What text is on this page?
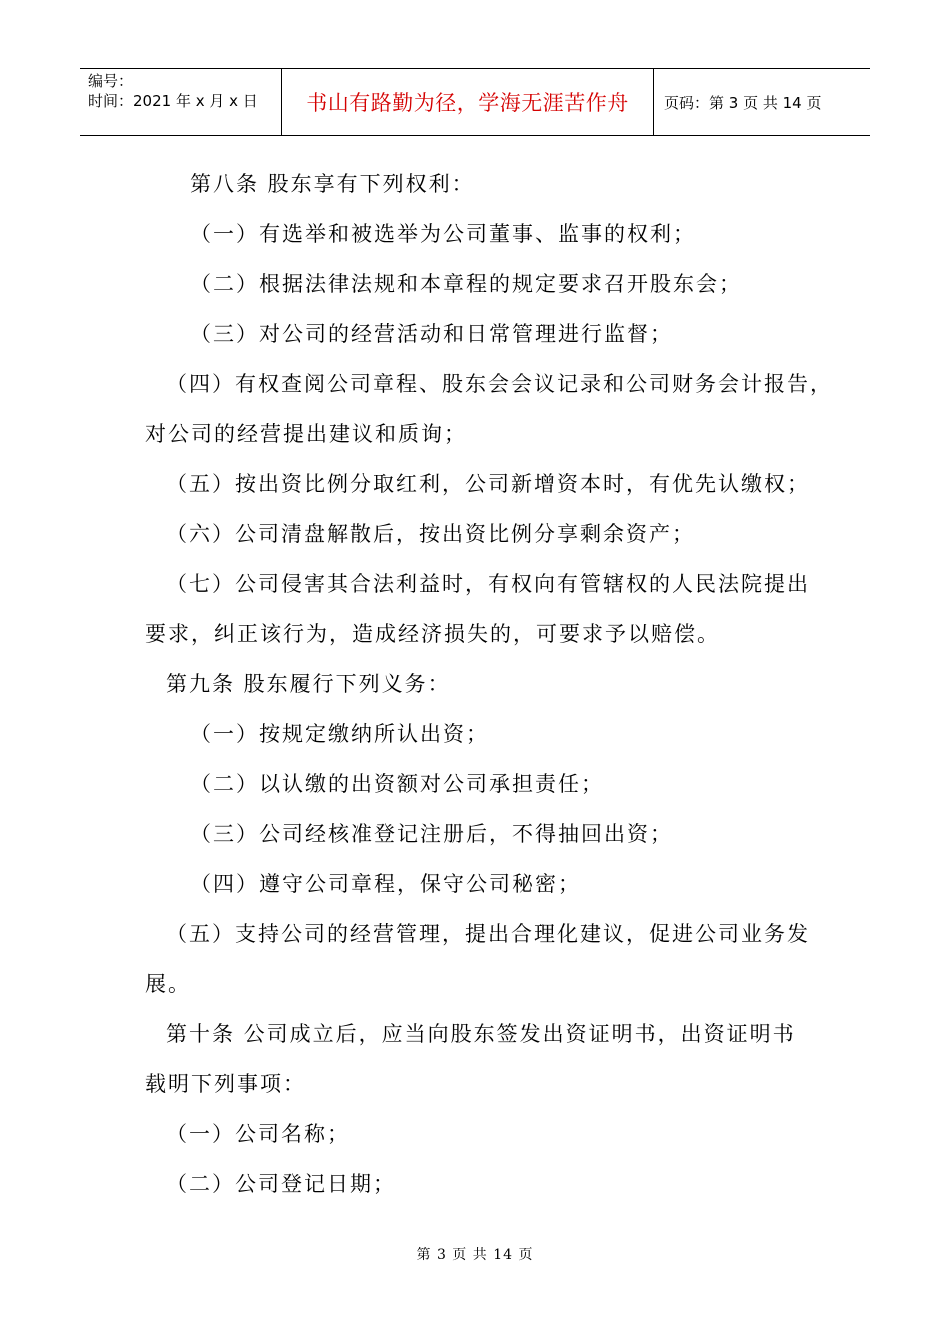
编号：
时间：2021 年 x 月 x 日	书山有路勤为径，学海无涯苦作舟 页码：第 3 页 共 14 页
第八条 股东享有下列权利：
（一）有选举和被选举为公司董事、监事的权利；
（二）根据法律法规和本章程的规定要求召开股东会；
（三）对公司的经营活动和日常管理进行监督；
（四）有权查阅公司章程、股东会会议记录和公司财务会计报告，
对公司的经营提出建议和质询；
（五）按出资比例分取红利，公司新增资本时，有优先认缴权；
（六）公司清盘解散后，按出资比例分享剩余资产；
（七）公司侵害其合法利益时，有权向有管辖权的人民法院提出
要求，纠正该行为，造成经济损失的，可要求予以赔偿。
第九条 股东履行下列义务：
（一）按规定缴纳所认出资；
（二）以认缴的出资额对公司承担责任；
（三）公司经核准登记注册后，不得抽回出资；
（四）遵守公司章程，保守公司秘密；
（五）支持公司的经营管理，提出合理化建议，促进公司业务发
展。
第十条 公司成立后，应当向股东签发出资证明书，出资证明书
载明下列事项：
（一）公司名称；
（二）公司登记日期；
第 3 页 共 14 页
